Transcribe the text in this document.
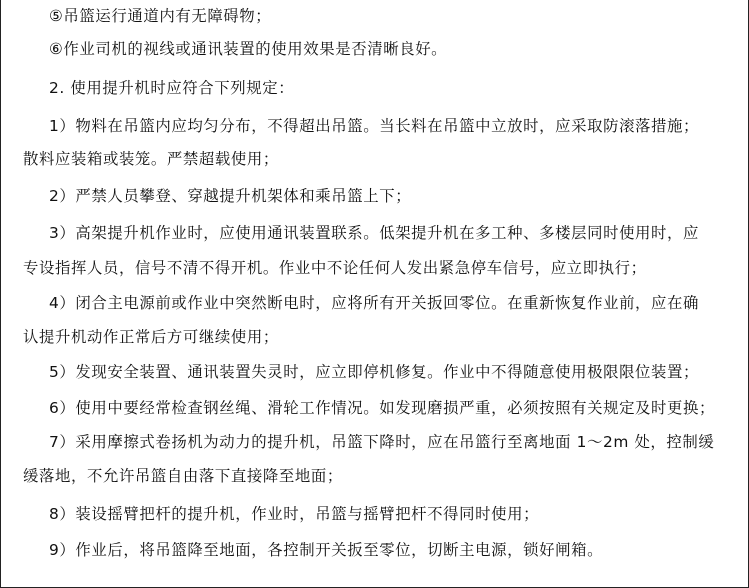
⑤吊篮运行通道内有无障碍物；
⑥作业司机的视线或通讯装置的使用效果是否清晰良好。
2. 使用提升机时应符合下列规定：
1）物料在吊篮内应均匀分布，不得超出吊篮。当长料在吊篮中立放时，应采取防滚落措施；
散料应装箱或装笼。严禁超载使用；
2）严禁人员攀登、穿越提升机架体和乘吊篮上下；
3）高架提升机作业时，应使用通讯装置联系。低架提升机在多工种、多楼层同时使用时，应
专设指挥人员，信号不清不得开机。作业中不论任何人发出紧急停车信号，应立即执行；
4）闭合主电源前或作业中突然断电时，应将所有开关扳回零位。在重新恢复作业前，应在确
认提升机动作正常后方可继续使用；
5）发现安全装置、通讯装置失灵时，应立即停机修复。作业中不得随意使用极限限位装置；
6）使用中要经常检查钢丝绳、滑轮工作情况。如发现磨损严重，必须按照有关规定及时更换；
7）采用摩擦式卷扬机为动力的提升机，吊篮下降时，应在吊篮行至离地面 1～2m 处，控制缓
缓落地，不允许吊篮自由落下直接降至地面；
8）装设摇臂把杆的提升机，作业时，吊篮与摇臂把杆不得同时使用；
9）作业后，将吊篮降至地面，各控制开关扳至零位，切断主电源，锁好闸箱。
